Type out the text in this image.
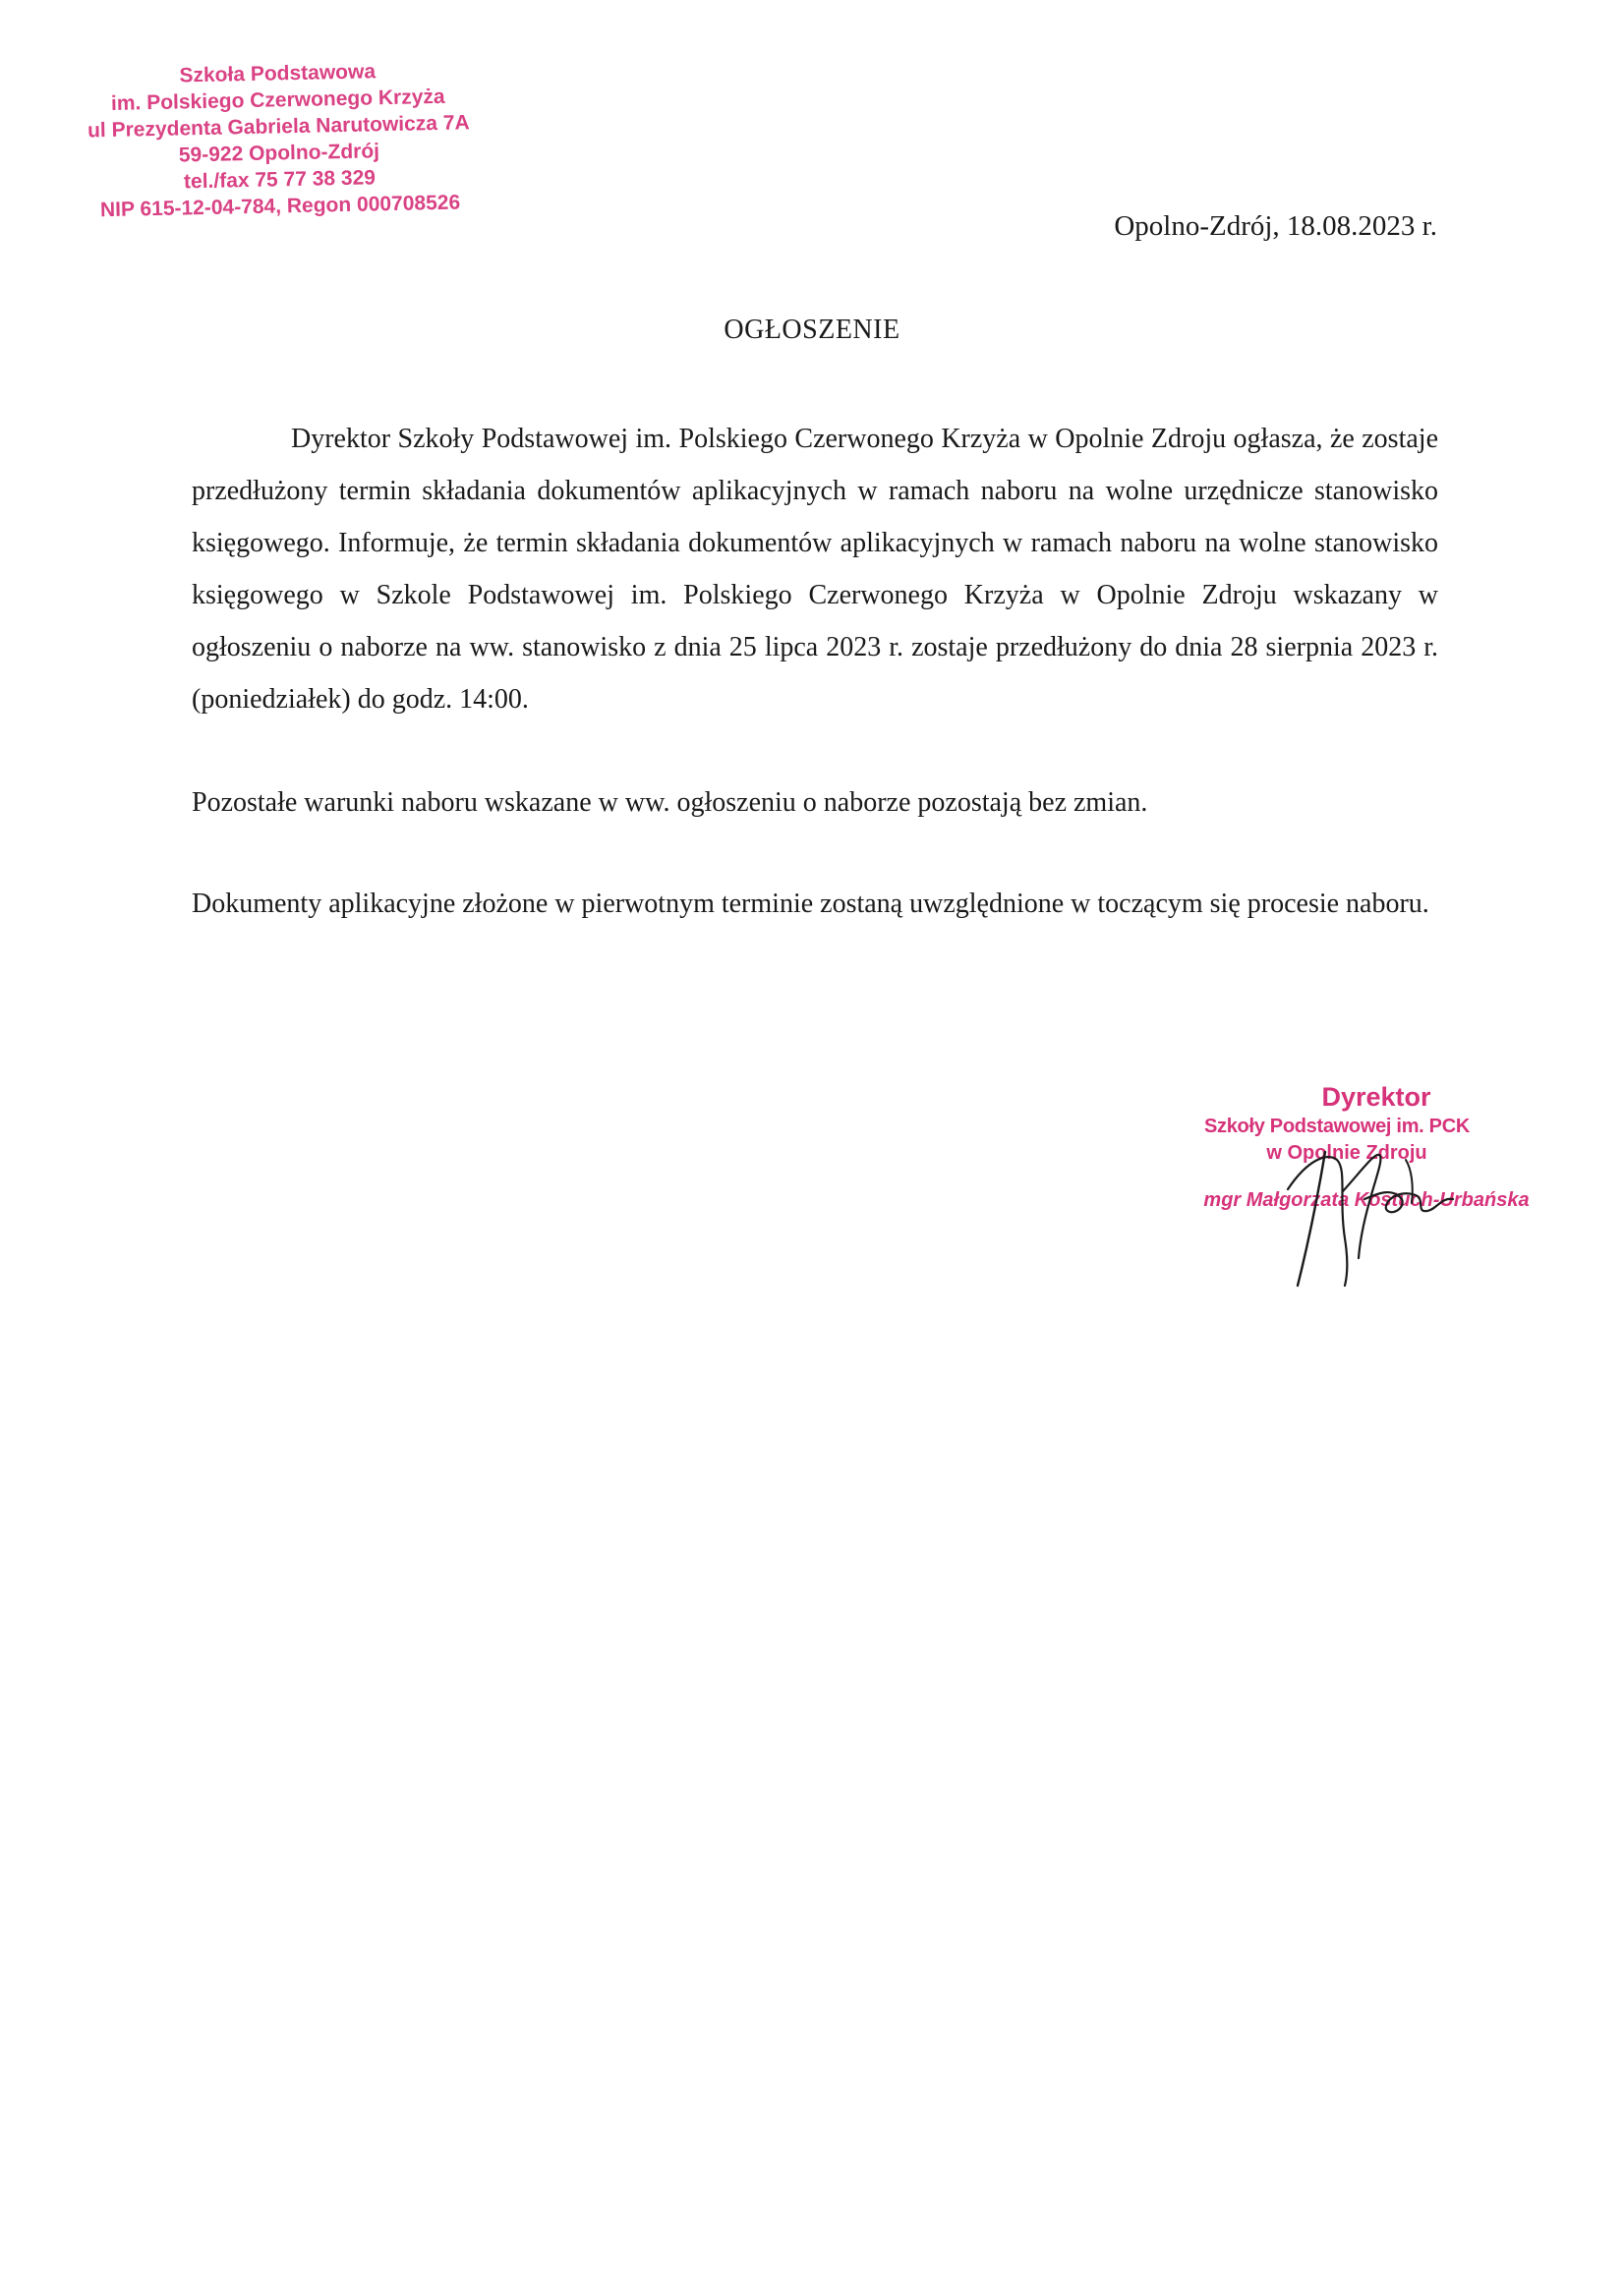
Szkoła Podstawowa
im. Polskiego Czerwonego Krzyża
ul Prezydenta Gabriela Narutowicza 7A
59-922 Opolno-Zdrój
tel./fax 75 77 38 329
NIP 615-12-04-784, Regon 000708526
Opolno-Zdrój, 18.08.2023 r.
OGŁOSZENIE
Dyrektor Szkoły Podstawowej im. Polskiego Czerwonego Krzyża w Opolnie Zdroju ogłasza, że zostaje przedłużony termin składania dokumentów aplikacyjnych w ramach naboru na wolne urzędnicze stanowisko księgowego. Informuje, że termin składania dokumentów aplikacyjnych w ramach naboru na wolne stanowisko księgowego w Szkole Podstawowej im. Polskiego Czerwonego Krzyża w Opolnie Zdroju wskazany w ogłoszeniu o naborze na ww. stanowisko z dnia 25 lipca 2023 r. zostaje przedłużony do dnia 28 sierpnia 2023 r. (poniedziałek) do godz. 14:00.
Pozostałe warunki naboru wskazane w ww. ogłoszeniu o naborze pozostają bez zmian.
Dokumenty aplikacyjne złożone w pierwotnym terminie zostaną uwzględnione w toczącym się procesie naboru.
Dyrektor
Szkoły Podstawowej im. PCK
w Opolnie Zdroju
mgr Małgorzata Kostuch-Urbańska
